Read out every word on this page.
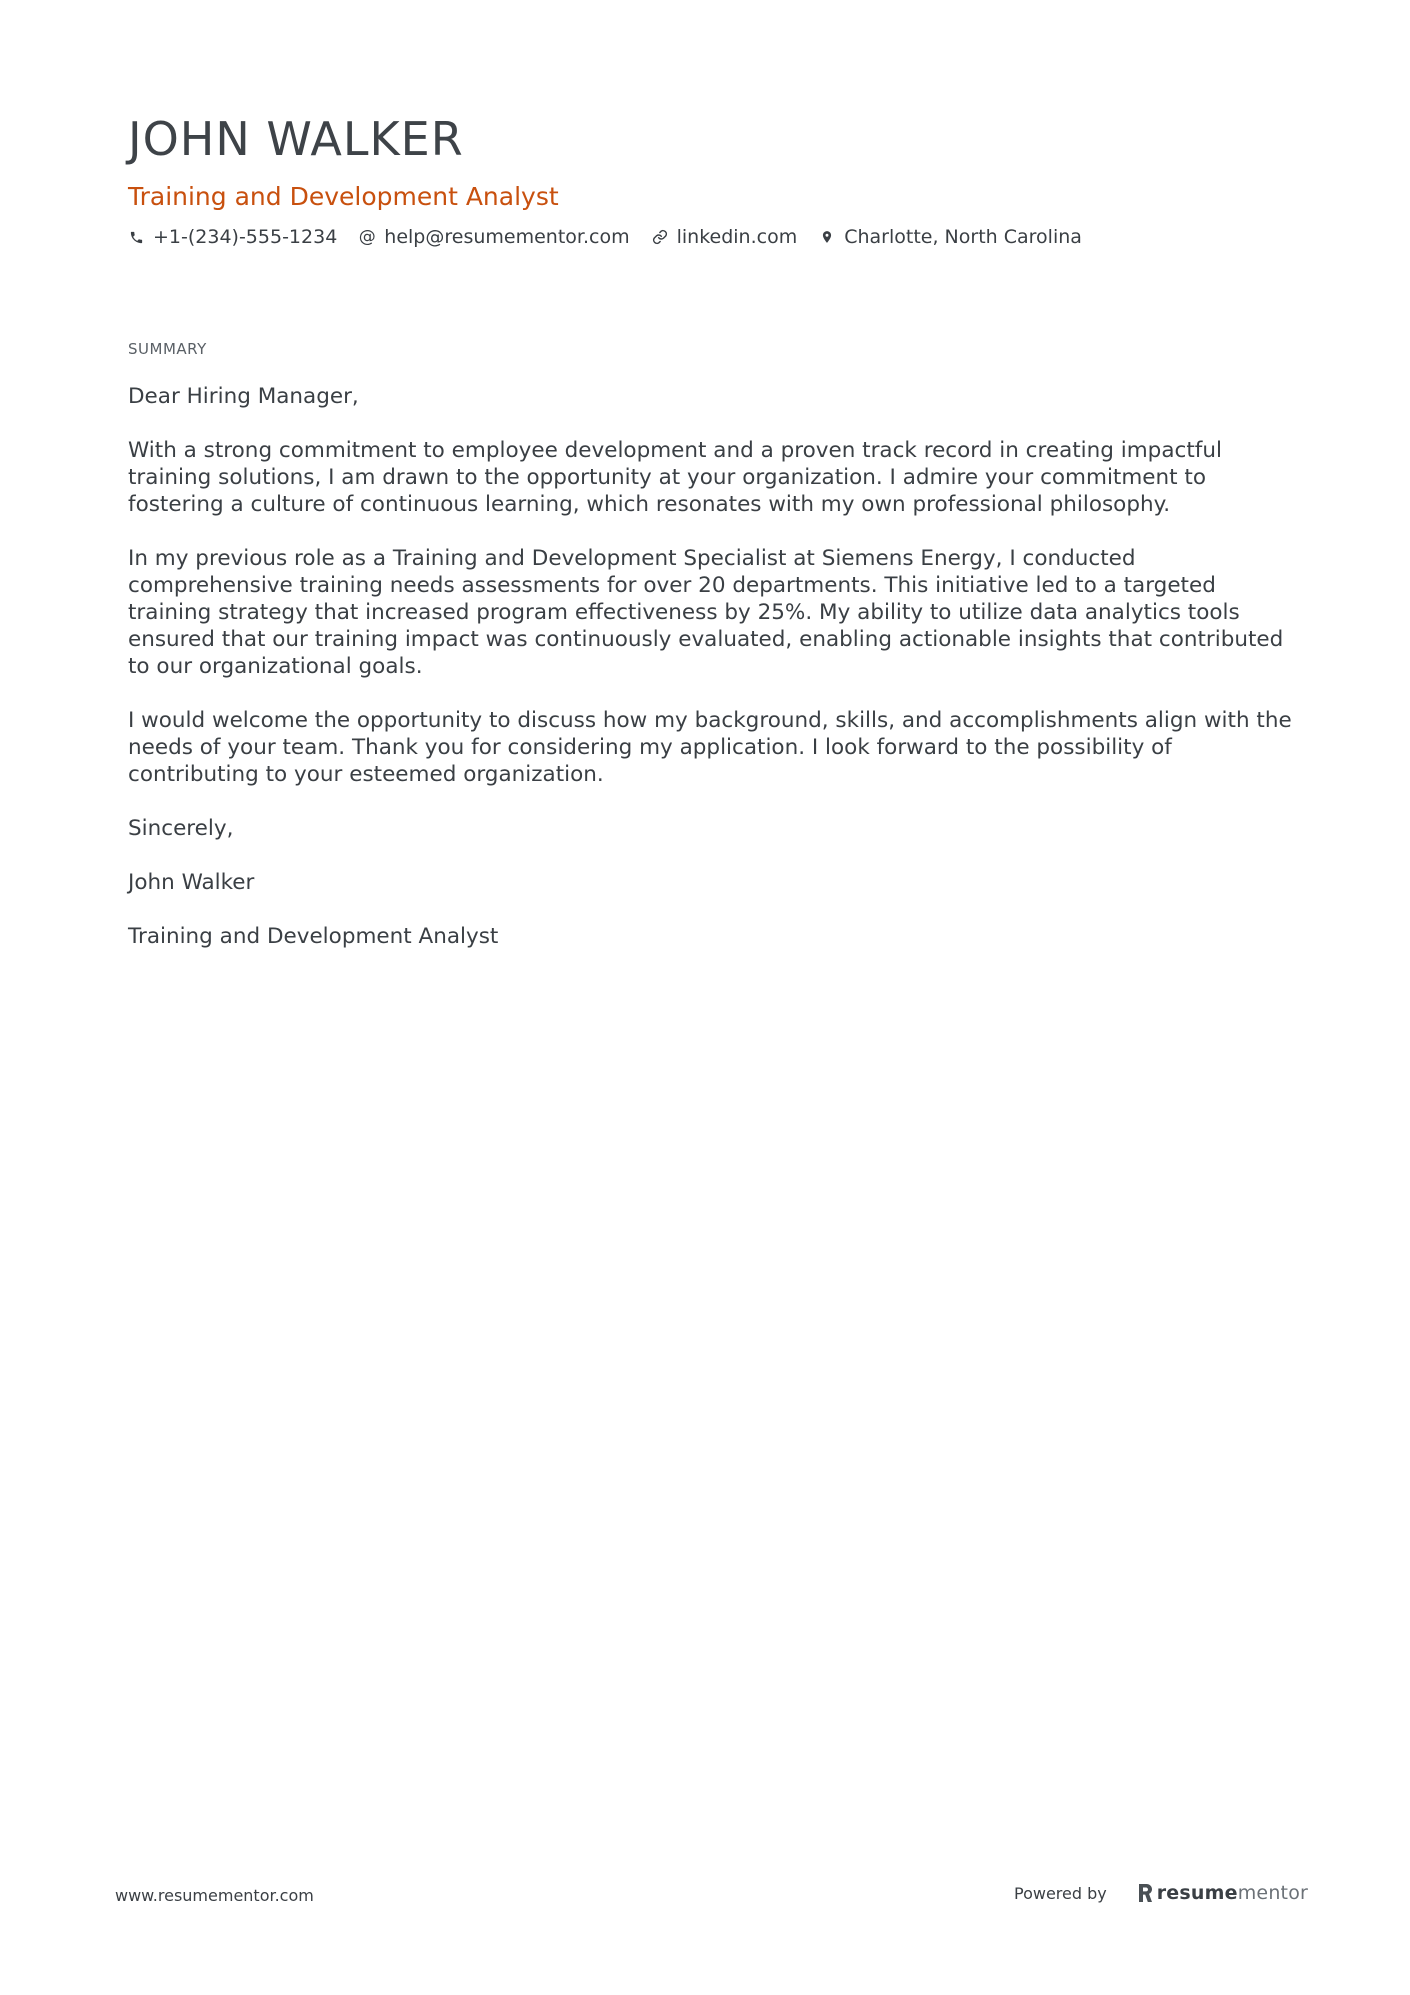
JOHN WALKER
Training and Development Analyst
+1-(234)-555-1234 @ help@resumementor.com linkedin.com Charlotte, North Carolina
SUMMARY

Dear Hiring Manager,

With a strong commitment to employee development and a proven track record in creating impactful training solutions, I am drawn to the opportunity at your organization. I admire your commitment to fostering a culture of continuous learning, which resonates with my own professional philosophy.

In my previous role as a Training and Development Specialist at Siemens Energy, I conducted comprehensive training needs assessments for over 20 departments. This initiative led to a targeted training strategy that increased program effectiveness by 25%. My ability to utilize data analytics tools ensured that our training impact was continuously evaluated, enabling actionable insights that contributed to our organizational goals.

I would welcome the opportunity to discuss how my background, skills, and accomplishments align with the needs of your team. Thank you for considering my application. I look forward to the possibility of contributing to your esteemed organization.

Sincerely,

John Walker

Training and Development Analyst

www.resumementor.com	Powered by	resume mentor
